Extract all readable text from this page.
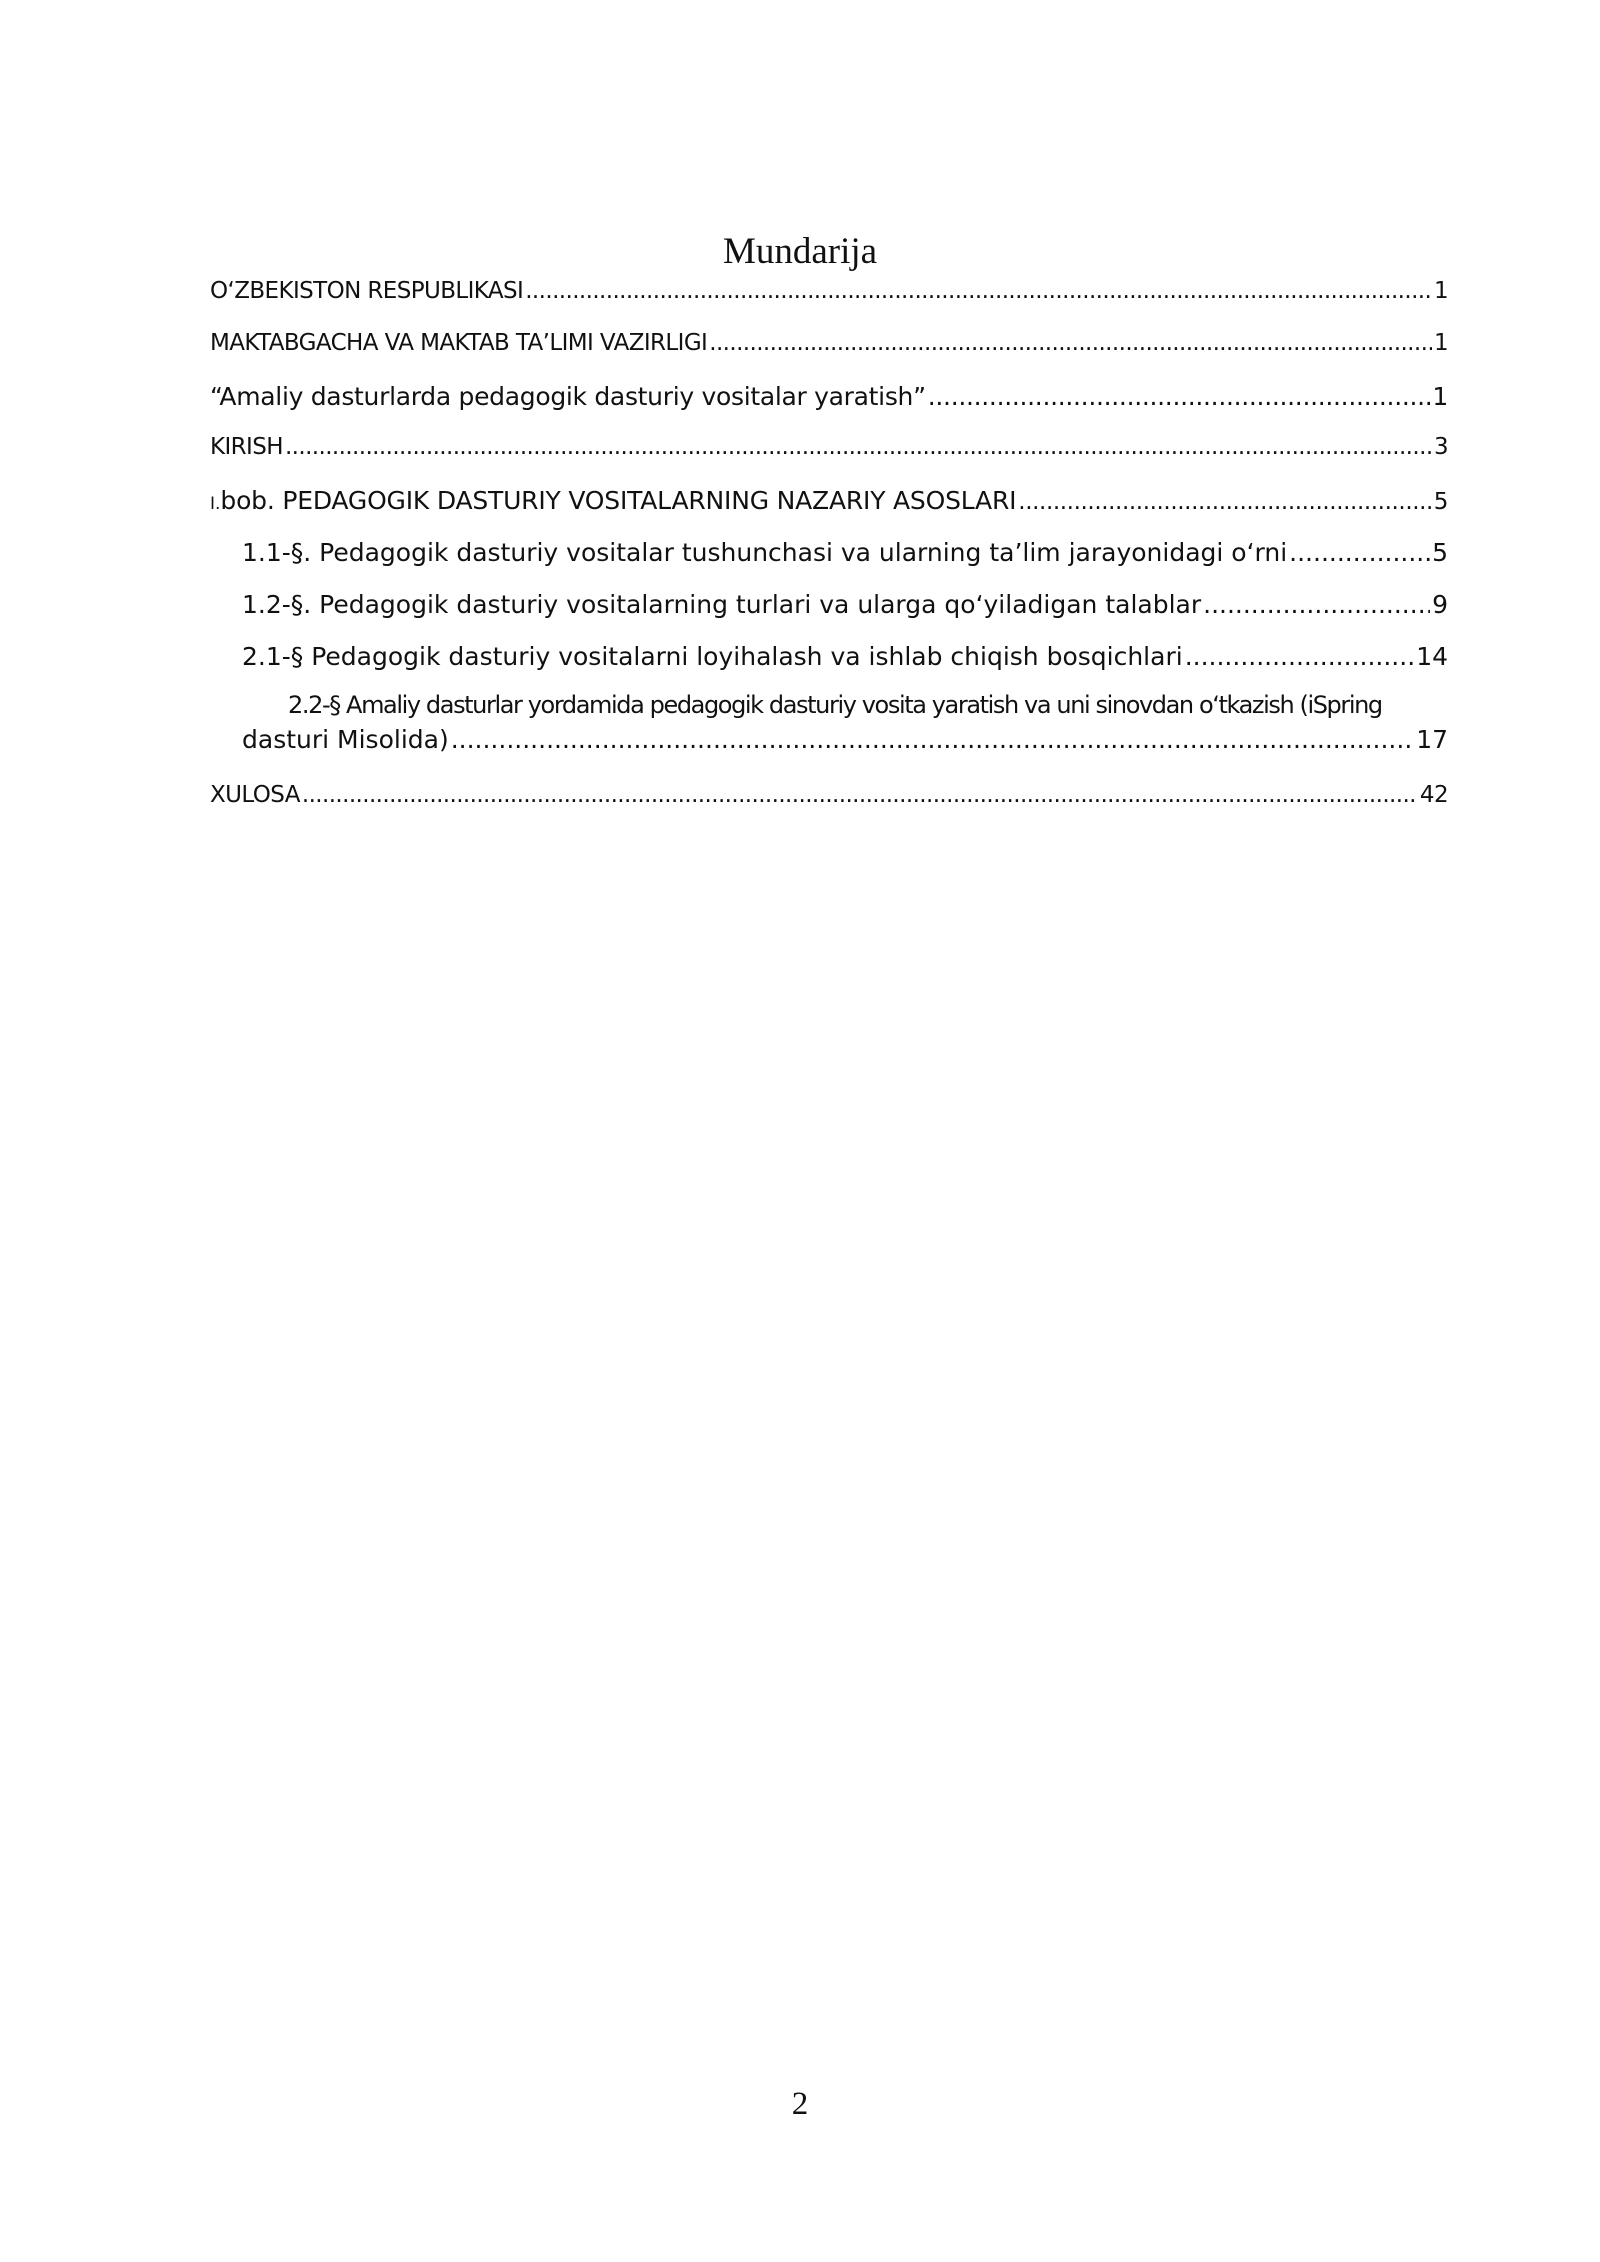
Mundarija
O‘ZBEKISTON RESPUBLIKASI .....	1
MAKTABGACHA VA MAKTAB TA’LIMI VAZIRLIGI .....	1
“Amaliy dasturlarda pedagogik dasturiy vositalar yaratish” .....	1
KIRISH .....	3
I.bob. PEDAGOGIK DASTURIY VOSITALARNING NAZARIY ASOSLARI .....	5
1.1-§. Pedagogik dasturiy vositalar tushunchasi va ularning ta’lim jarayonidagi o‘rni .....	5
1.2-§. Pedagogik dasturiy vositalarning turlari va ularga qo‘yiladigan talablar .....	9
2.1-§ Pedagogik dasturiy vositalarni loyihalash va ishlab chiqish bosqichlari .....	14
2.2-§ Amaliy dasturlar yordamida pedagogik dasturiy vosita yaratish va uni sinovdan o‘tkazish (iSpring
dasturi Misolida) .....	17
XULOSA .....	42
2
